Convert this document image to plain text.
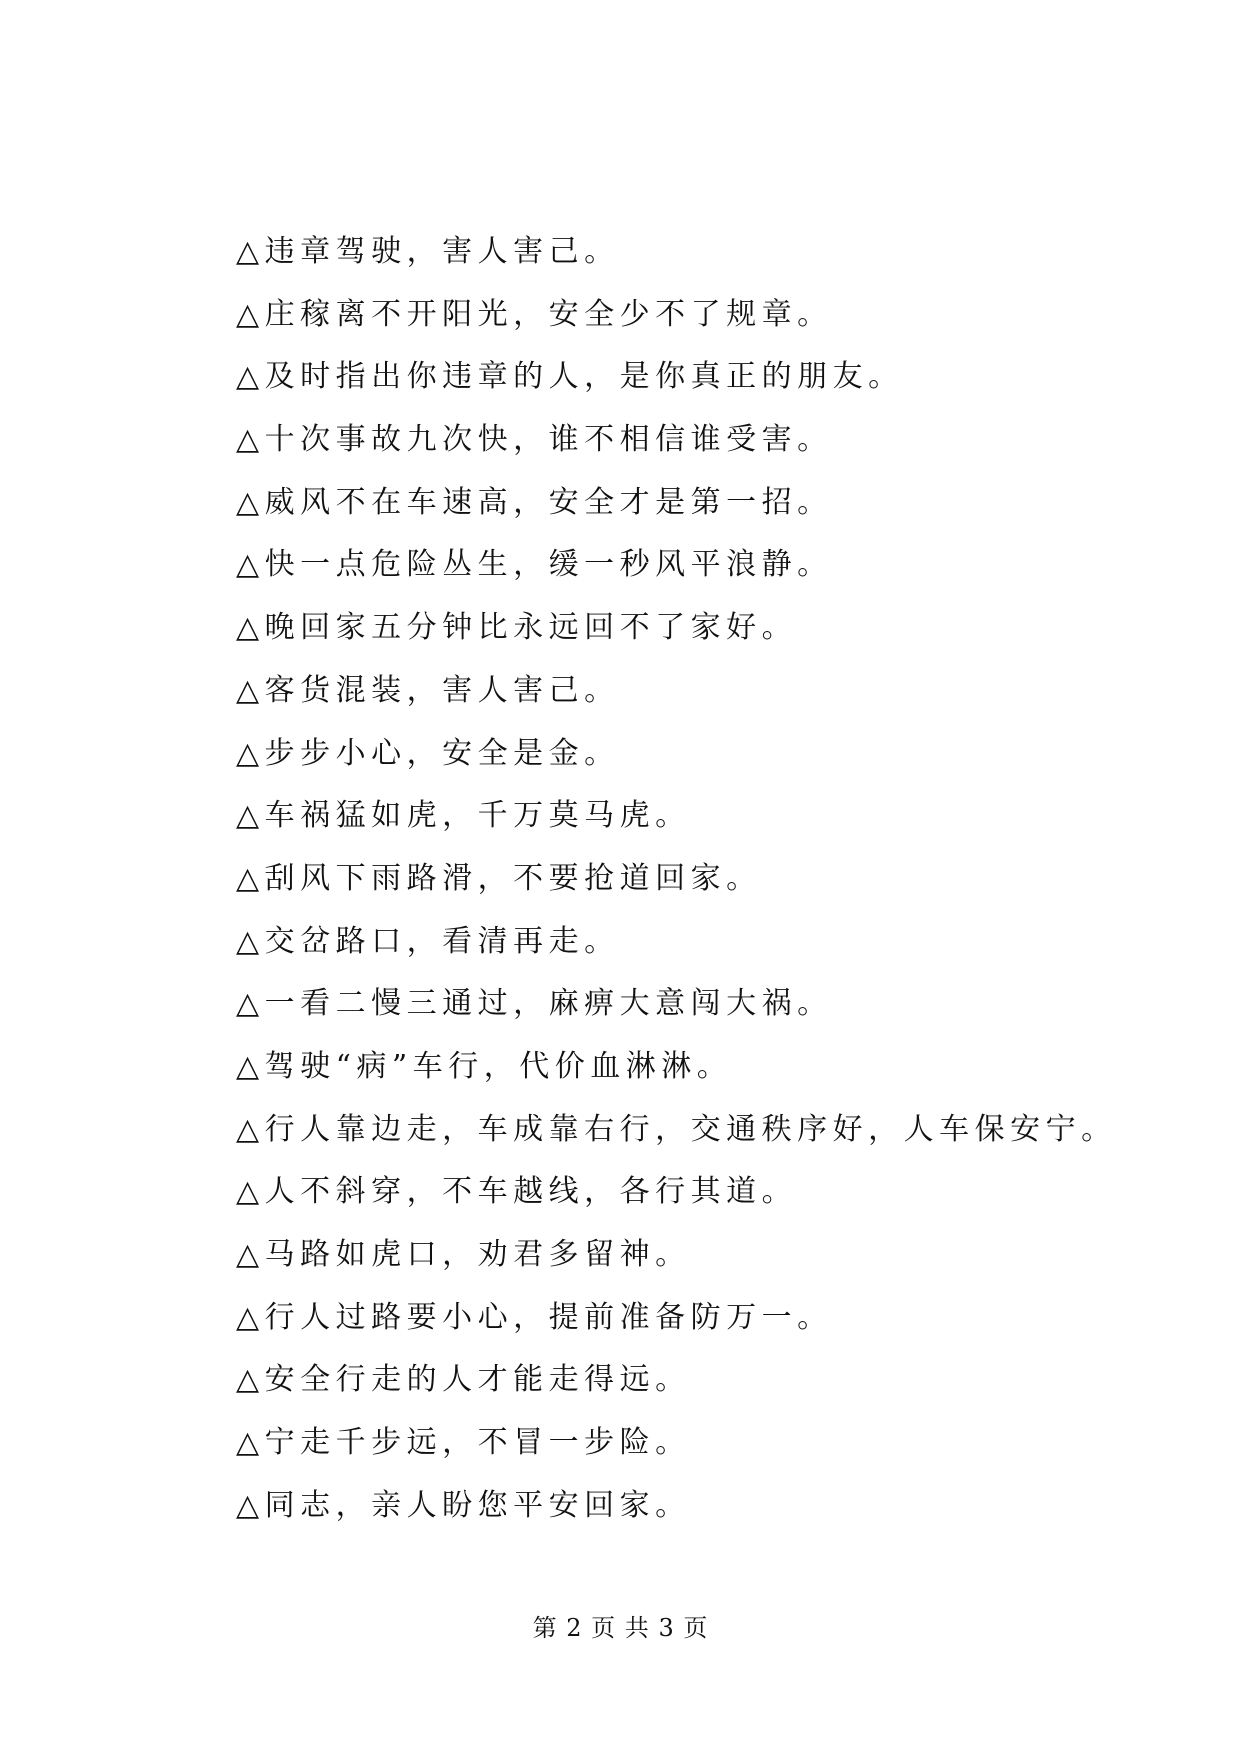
△违章驾驶，害人害己。
△庄稼离不开阳光，安全少不了规章。
△及时指出你违章的人，是你真正的朋友。
△十次事故九次快，谁不相信谁受害。
△威风不在车速高，安全才是第一招。
△快一点危险丛生，缓一秒风平浪静。
△晚回家五分钟比永远回不了家好。
△客货混装，害人害己。
△步步小心，安全是金。
△车祸猛如虎，千万莫马虎。
△刮风下雨路滑，不要抢道回家。
△交岔路口，看清再走。
△一看二慢三通过，麻痹大意闯大祸。
△驾驶“病”车行，代价血淋淋。
△行人靠边走，车成靠右行，交通秩序好，人车保安宁。
△人不斜穿，不车越线，各行其道。
△马路如虎口，劝君多留神。
△行人过路要小心，提前准备防万一。
△安全行走的人才能走得远。
△宁走千步远，不冒一步险。
△同志，亲人盼您平安回家。
第 2 页 共 3 页
